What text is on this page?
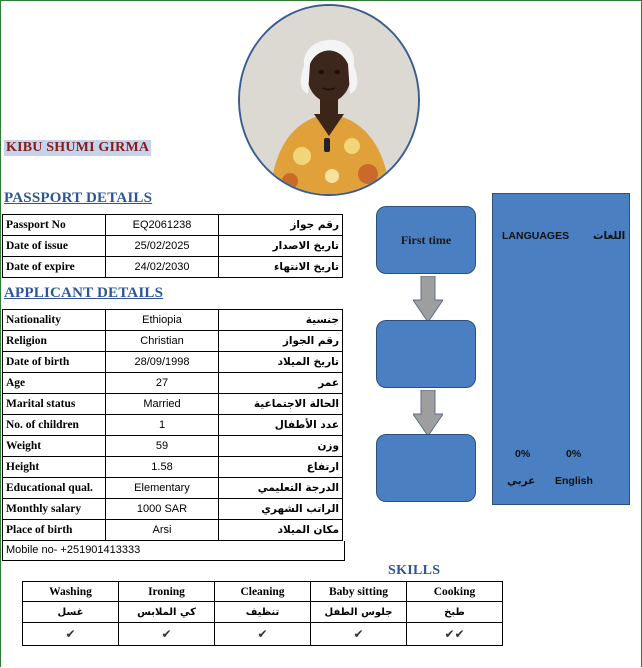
KIBU SHUMI GIRMA
PASSPORT DETAILS
Passport No	EQ2061238	رقم جواز
Date of issue	25/02/2025	تاريخ الاصدار
Date of expire	24/02/2030	تاريخ الانتهاء
APPLICANT DETAILS
Nationality	Ethiopia	جنسية
Religion	Christian	رقم الجواز
Date of birth	28/09/1998	تاريخ الميلاد
Age	27	عمر
Marital status	Married	الحالة الاجتماعية
No. of children	1	عدد الأطفال
Weight	59	وزن
Height	1.58	ارتفاع
Educational qual.	Elementary	الدرجة التعليمي
Monthly salary	1000 SAR	الراتب الشهري
Place of birth	Arsi	مكان الميلاد
Mobile no- +251901413333
First time	LANGUAGES اللغات
0%	0%
عربي English
SKILLS
Washing	Ironing	Cleaning	Baby sitting	Cooking
غسل	كي الملابس	تنظيف	جلوس الطفل	طبخ
✔	✔	✔	✔	✔✔
